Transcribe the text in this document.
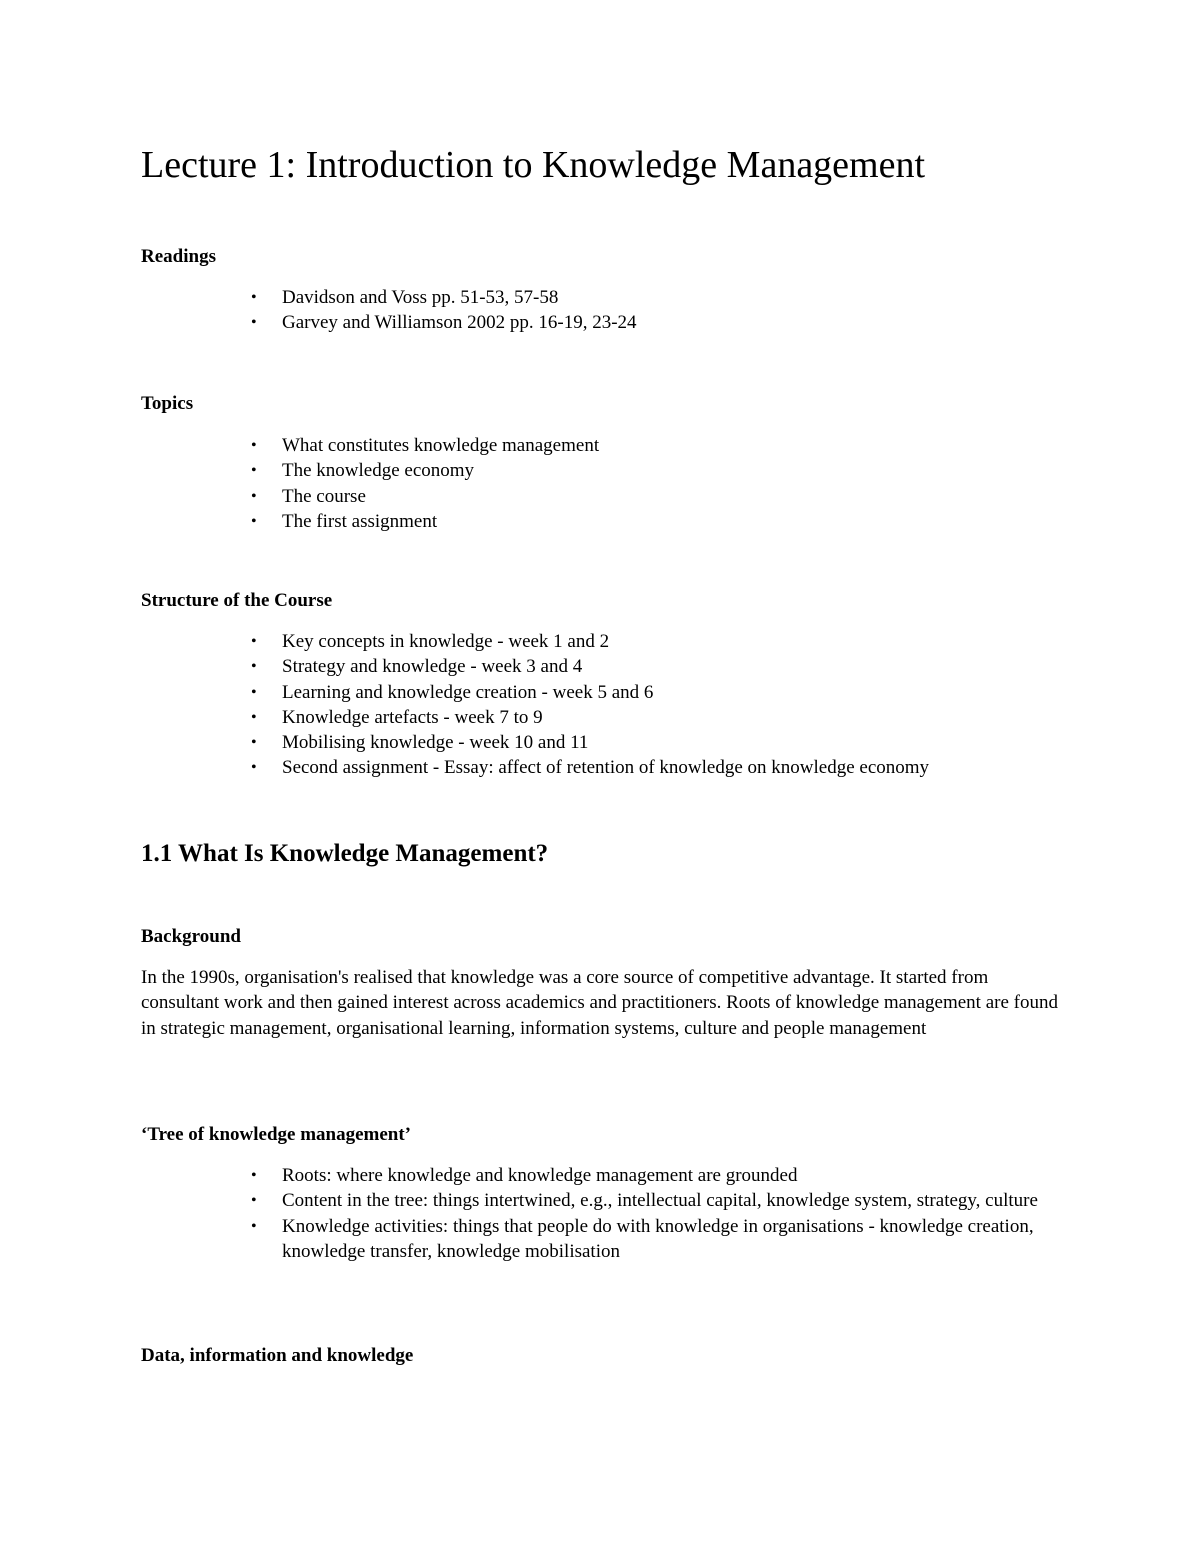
Lecture 1: Introduction to Knowledge Management
Readings
• Davidson and Voss pp. 51-53, 57-58
• Garvey and Williamson 2002 pp. 16-19, 23-24
Topics
• What constitutes knowledge management
• The knowledge economy
• The course
• The first assignment
Structure of the Course
• Key concepts in knowledge - week 1 and 2
• Strategy and knowledge - week 3 and 4
• Learning and knowledge creation - week 5 and 6
• Knowledge artefacts - week 7 to 9
• Mobilising knowledge - week 10 and 11
• Second assignment - Essay: affect of retention of knowledge on knowledge economy
1.1 What Is Knowledge Management?
Background

In the 1990s, organisation's realised that knowledge was a core source of competitive advantage. It started from consultant work and then gained interest across academics and practitioners. Roots of knowledge management are found in strategic management, organisational learning, information systems, culture and people management

‘Tree of knowledge management’
• Roots: where knowledge and knowledge management are grounded
• Content in the tree: things intertwined, e.g., intellectual capital, knowledge system, strategy, culture
• Knowledge activities: things that people do with knowledge in organisations - knowledge creation, knowledge transfer, knowledge mobilisation
Data, information and knowledge
